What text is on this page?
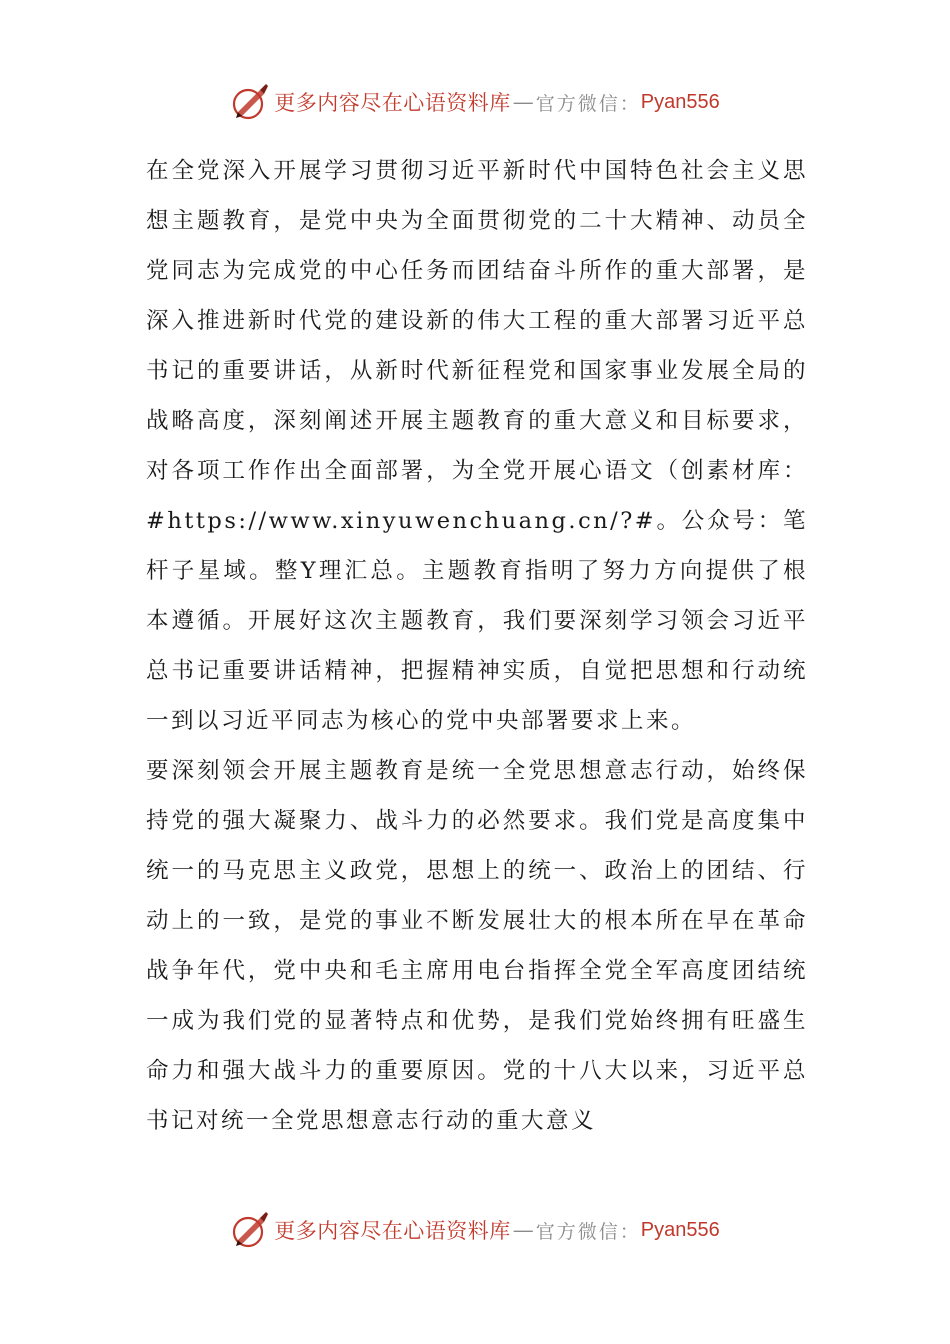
更多内容尽在心语资料库 — 官方微信： Pyan556

在全党深入开展学习贯彻习近平新时代中国特色社会主义思想主题教育，是党中央为全面贯彻党的二十大精神、动员全党同志为完成党的中心任务而团结奋斗所作的重大部署，是深入推进新时代党的建设新的伟大工程的重大部署习近平总书记的重要讲话，从新时代新征程党和国家事业发展全局的战略高度，深刻阐述开展主题教育的重大意义和目标要求，对各项工作作出全面部署，为全党开展心语文（创素材库：#https://www.xinyuwenchuang.cn/?#。公众号：笔杆子星域。整Y理汇总。主题教育指明了努力方向提供了根本遵循。开展好这次主题教育，我们要深刻学习领会习近平总书记重要讲话精神，把握精神实质，自觉把思想和行动统一到以习近平同志为核心的党中央部署要求上来。

要深刻领会开展主题教育是统一全党思想意志行动，始终保持党的强大凝聚力、战斗力的必然要求。我们党是高度集中统一的马克思主义政党，思想上的统一、政治上的团结、行动上的一致，是党的事业不断发展壮大的根本所在早在革命战争年代，党中央和毛主席用电台指挥全党全军高度团结统一成为我们党的显著特点和优势，是我们党始终拥有旺盛生命力和强大战斗力的重要原因。党的十八大以来，习近平总书记对统一全党思想意志行动的重大意义

更多内容尽在心语资料库 — 官方微信： Pyan556
